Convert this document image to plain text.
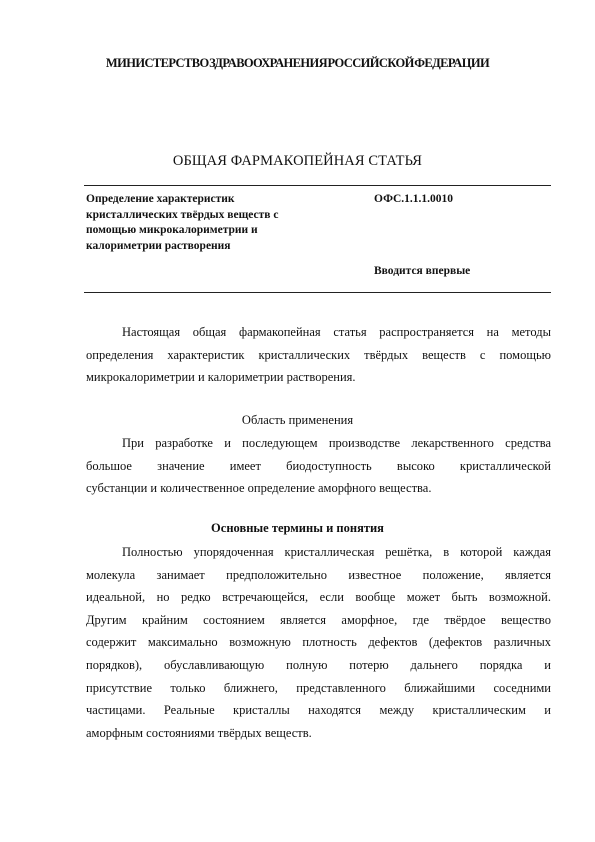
МИНИСТЕРСТВО ЗДРАВООХРАНЕНИЯ РОССИЙСКОЙ ФЕДЕРАЦИИ
ОБЩАЯ ФАРМАКОПЕЙНАЯ СТАТЬЯ
Определение характеристик
кристаллических твёрдых веществ с
помощью микрокалориметрии и
калориметрии растворения
ОФС.1.1.1.0010
Вводится впервые
Настоящая общая фармакопейная статья распространяется на методы
определения характеристик кристаллических твёрдых веществ с помощью
микрокалориметрии и калориметрии растворения.
Область применения
При разработке и последующем производстве лекарственного средства
большое значение имеет биодоступность высоко кристаллической
субстанции и количественное определение аморфного вещества.
Основные термины и понятия
Полностью упорядоченная кристаллическая решётка, в которой каждая
молекула занимает предположительно известное положение, является
идеальной, но редко встречающейся, если вообще может быть возможной.
Другим крайним состоянием является аморфное, где твёрдое вещество
содержит максимально возможную плотность дефектов (дефектов различных
порядков), обуславливающую полную потерю дальнего порядка и
присутствие только ближнего, представленного ближайшими соседними
частицами. Реальные кристаллы находятся между кристаллическим и
аморфным состояниями твёрдых веществ.
